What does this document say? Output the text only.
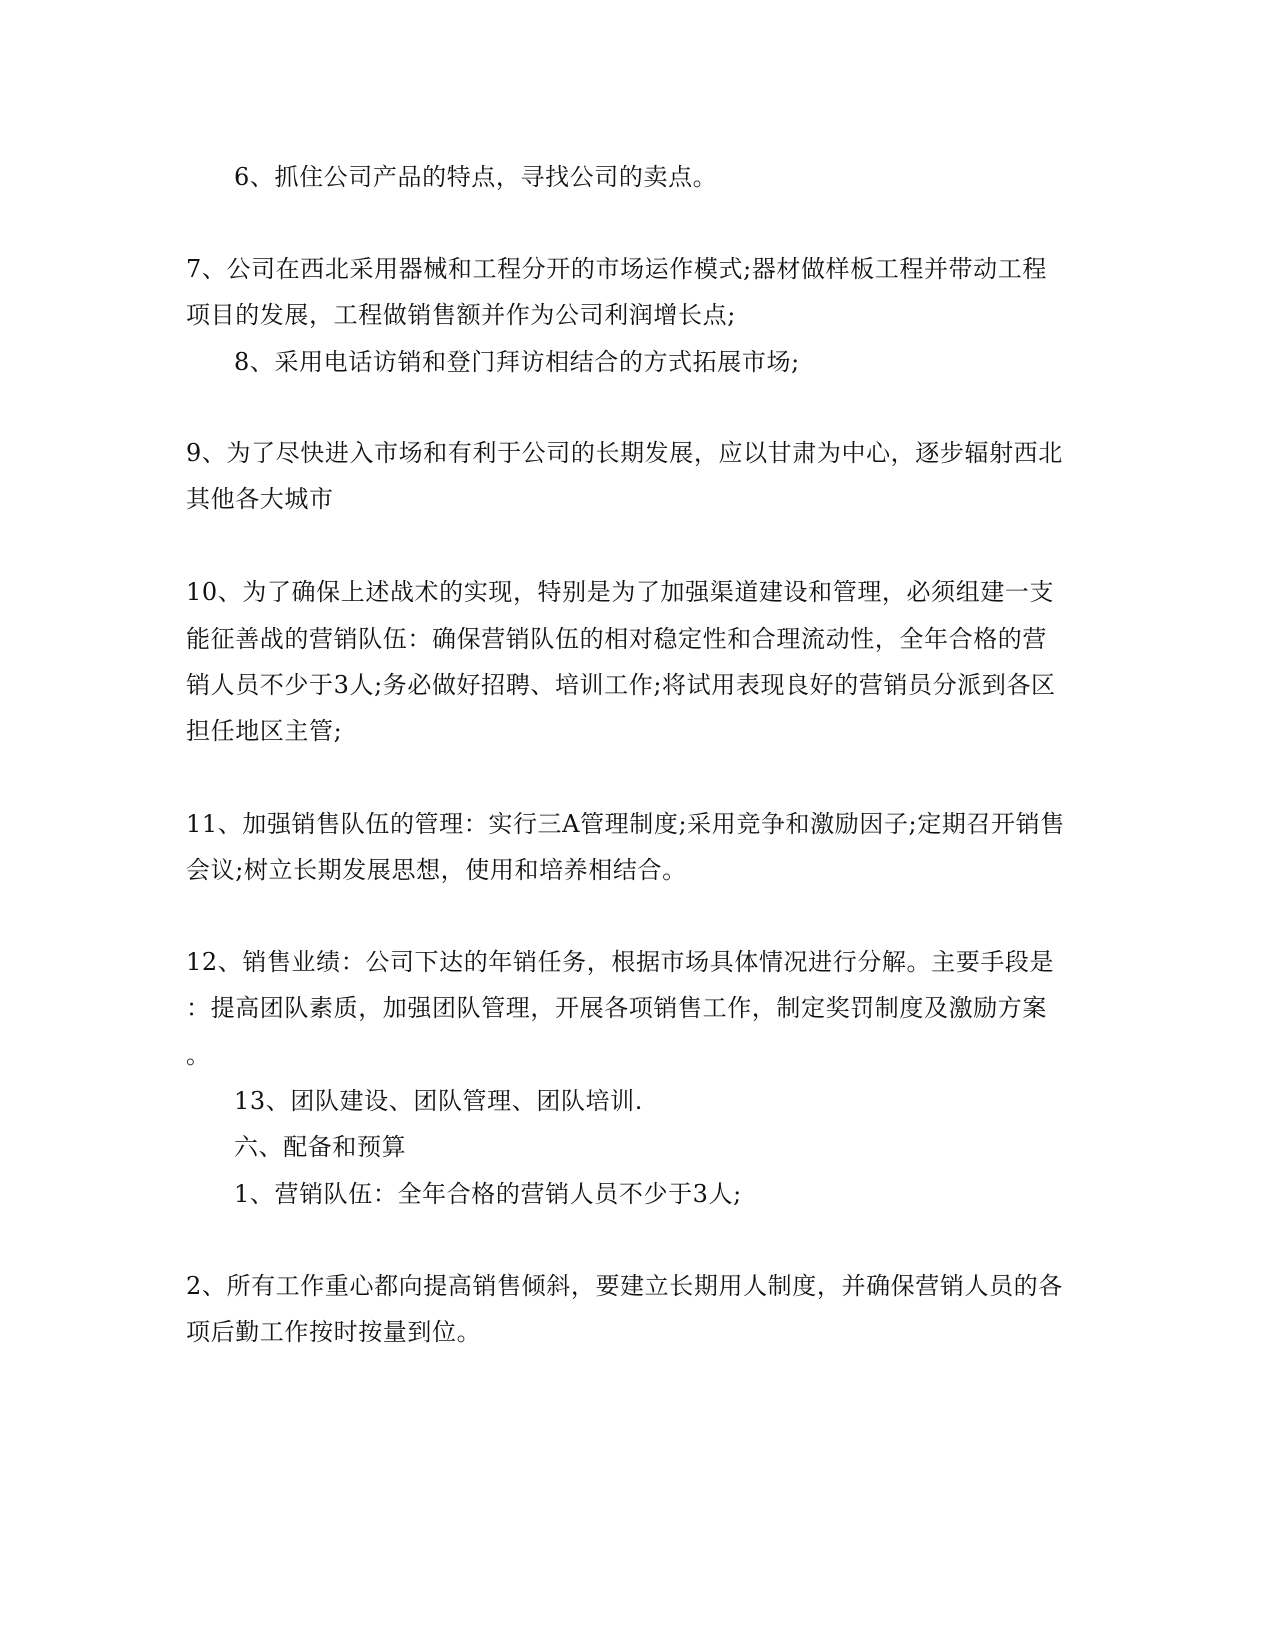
6、抓住公司产品的特点，寻找公司的卖点。
7、公司在西北采用器械和工程分开的市场运作模式;器材做样板工程并带动工程
项目的发展，工程做销售额并作为公司利润增长点;
8、采用电话访销和登门拜访相结合的方式拓展市场;
9、为了尽快进入市场和有利于公司的长期发展，应以甘肃为中心，逐步辐射西北
其他各大城市
10、为了确保上述战术的实现，特别是为了加强渠道建设和管理，必须组建一支
能征善战的营销队伍：确保营销队伍的相对稳定性和合理流动性，全年合格的营
销人员不少于3人;务必做好招聘、培训工作;将试用表现良好的营销员分派到各区
担任地区主管;
11、加强销售队伍的管理：实行三A管理制度;采用竞争和激励因子;定期召开销售
会议;树立长期发展思想，使用和培养相结合。
12、销售业绩：公司下达的年销任务，根据市场具体情况进行分解。主要手段是
：提高团队素质，加强团队管理，开展各项销售工作，制定奖罚制度及激励方案
。
13、团队建设、团队管理、团队培训.
六、配备和预算
1、营销队伍：全年合格的营销人员不少于3人;
2、所有工作重心都向提高销售倾斜，要建立长期用人制度，并确保营销人员的各
项后勤工作按时按量到位。
